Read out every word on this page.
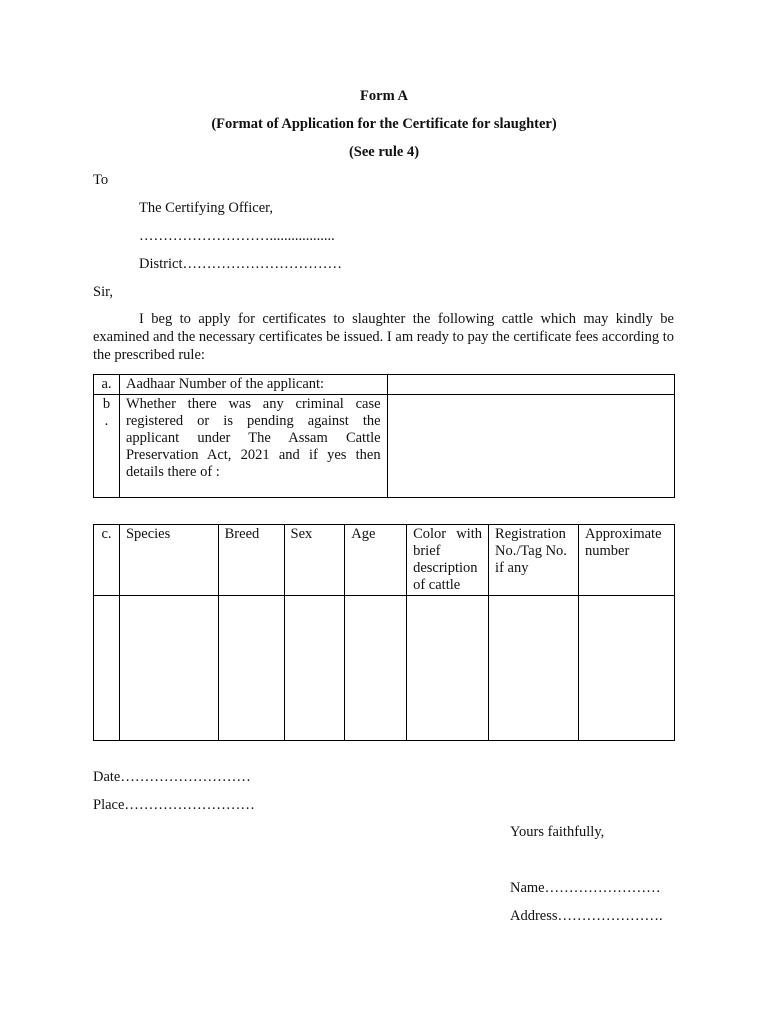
Form A
(Format of Application for the Certificate for slaughter)
(See rule 4)
To
The Certifying Officer,
………………………..................
District……………………………
Sir,
I beg to apply for certificates to slaughter the following cattle which may kindly be examined and the necessary certificates be issued. I am ready to pay the certificate fees according to the prescribed rule:
a.	Aadhaar Number of the applicant:	
b
.	Whether there was any criminal case registered or is pending against the applicant under The Assam Cattle Preservation Act, 2021 and if yes then details there of :	
c.	Species	Breed	Sex	Age	Color with brief description of cattle	Registration No./Tag No. if any	Approximate number

Date………………………
Place………………………
Yours faithfully,
Name……………………
Address………………….
